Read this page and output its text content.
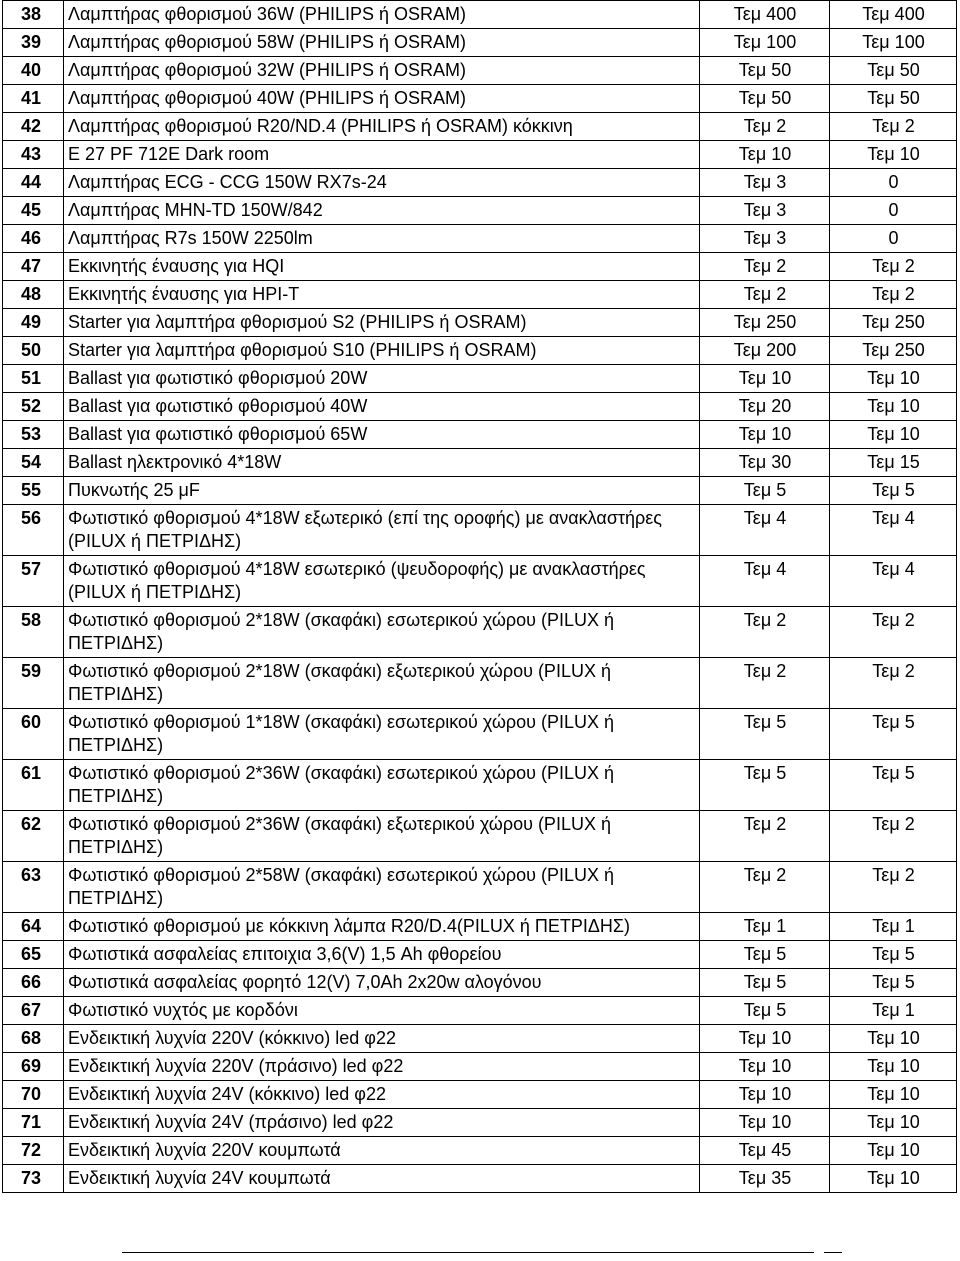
38	Λαμπτήρας φθορισμού 36W (PHILIPS ή OSRAM)	Τεμ 400	Τεμ 400
39	Λαμπτήρας φθορισμού 58W (PHILIPS ή OSRAM)	Τεμ 100	Τεμ 100
40	Λαμπτήρας φθορισμού 32W (PHILIPS ή OSRAM)	Τεμ 50	Τεμ 50
41	Λαμπτήρας φθορισμού 40W (PHILIPS ή OSRAM)	Τεμ 50	Τεμ 50
42	Λαμπτήρας φθορισμού R20/ND.4 (PHILIPS ή OSRAM) κόκκινη	Τεμ 2	Τεμ 2
43	E 27 PF 712E Dark room	Τεμ 10	Τεμ 10
44	Λαμπτήρας ECG - CCG 150W RX7s-24	Τεμ 3	0
45	Λαμπτήρας MHN-TD 150W/842	Τεμ 3	0
46	Λαμπτήρας R7s 150W 2250lm	Τεμ 3	0
47	Εκκινητής έναυσης για HQI	Τεμ 2	Τεμ 2
48	Εκκινητής έναυσης για HPI-T	Τεμ 2	Τεμ 2
49	Starter για λαμπτήρα φθορισμού S2 (PHILIPS ή OSRAM)	Τεμ 250	Τεμ 250
50	Starter για λαμπτήρα φθορισμού S10 (PHILIPS ή OSRAM)	Τεμ 200	Τεμ 250
51	Ballast για φωτιστικό φθορισμού 20W	Τεμ 10	Τεμ 10
52	Ballast για φωτιστικό φθορισμού 40W	Τεμ 20	Τεμ 10
53	Ballast για φωτιστικό φθορισμού 65W	Τεμ 10	Τεμ 10
54	Ballast ηλεκτρονικό 4*18W	Τεμ 30	Τεμ 15
55	Πυκνωτής 25 μF	Τεμ 5	Τεμ 5
56	Φωτιστικό φθορισμού 4*18W εξωτερικό (επί της οροφής) με ανακλαστήρες (PILUX ή ΠΕΤΡΙΔΗΣ)	Τεμ 4	Τεμ 4
57	Φωτιστικό φθορισμού 4*18W εσωτερικό (ψευδοροφής) με ανακλαστήρες (PILUX ή ΠΕΤΡΙΔΗΣ)	Τεμ 4	Τεμ 4
58	Φωτιστικό φθορισμού 2*18W (σκαφάκι) εσωτερικού χώρου (PILUX ή ΠΕΤΡΙΔΗΣ)	Τεμ 2	Τεμ 2
59	Φωτιστικό φθορισμού 2*18W (σκαφάκι) εξωτερικού χώρου (PILUX ή ΠΕΤΡΙΔΗΣ)	Τεμ 2	Τεμ 2
60	Φωτιστικό φθορισμού 1*18W (σκαφάκι) εσωτερικού χώρου (PILUX ή ΠΕΤΡΙΔΗΣ)	Τεμ 5	Τεμ 5
61	Φωτιστικό φθορισμού 2*36W (σκαφάκι) εσωτερικού χώρου (PILUX ή ΠΕΤΡΙΔΗΣ)	Τεμ 5	Τεμ 5
62	Φωτιστικό φθορισμού 2*36W (σκαφάκι) εξωτερικού χώρου (PILUX ή ΠΕΤΡΙΔΗΣ)	Τεμ 2	Τεμ 2
63	Φωτιστικό φθορισμού 2*58W (σκαφάκι) εσωτερικού χώρου (PILUX ή ΠΕΤΡΙΔΗΣ)	Τεμ 2	Τεμ 2
64	Φωτιστικό φθορισμού με κόκκινη λάμπα R20/D.4(PILUX ή ΠΕΤΡΙΔΗΣ)	Τεμ 1	Τεμ 1
65	Φωτιστικά ασφαλείας επιτοιχια 3,6(V) 1,5 Ah φθορείου	Τεμ 5	Τεμ 5
66	Φωτιστικά ασφαλείας φορητό 12(V) 7,0Ah 2x20w αλογόνου	Τεμ 5	Τεμ 5
67	Φωτιστικό νυχτός με κορδόνι	Τεμ 5	Τεμ 1
68	Ενδεικτική λυχνία 220V (κόκκινο) led φ22	Τεμ 10	Τεμ 10
69	Ενδεικτική λυχνία 220V (πράσινο) led φ22	Τεμ 10	Τεμ 10
70	Ενδεικτική λυχνία 24V (κόκκινο) led φ22	Τεμ 10	Τεμ 10
71	Ενδεικτική λυχνία 24V (πράσινο) led φ22	Τεμ 10	Τεμ 10
72	Ενδεικτική λυχνία 220V κουμπωτά	Τεμ 45	Τεμ 10
73	Ενδεικτική λυχνία 24V κουμπωτά	Τεμ 35	Τεμ 10
